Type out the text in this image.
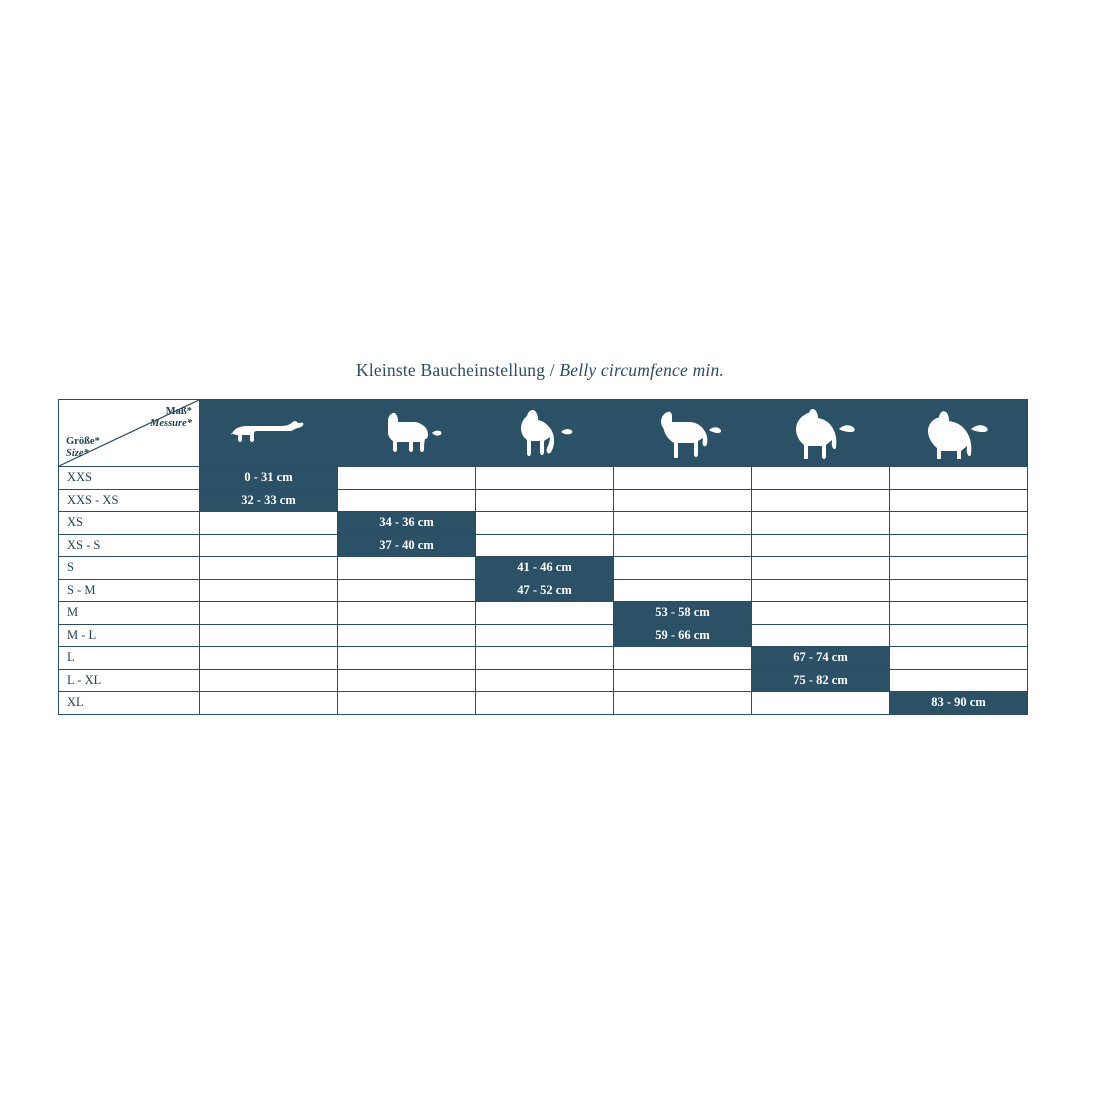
Kleinste Baucheinstellung / Belly circumfence min.
Maß*
Messure*
Größe*
Size*

XXS	0 - 31 cm					
XXS - XS	32 - 33 cm					
XS		34 - 36 cm				
XS - S		37 - 40 cm				
S			41 - 46 cm			
S - M			47 - 52 cm			
M				53 - 58 cm		
M - L				59 - 66 cm		
L					67 - 74 cm	
L - XL					75 - 82 cm	
XL						83 - 90 cm
